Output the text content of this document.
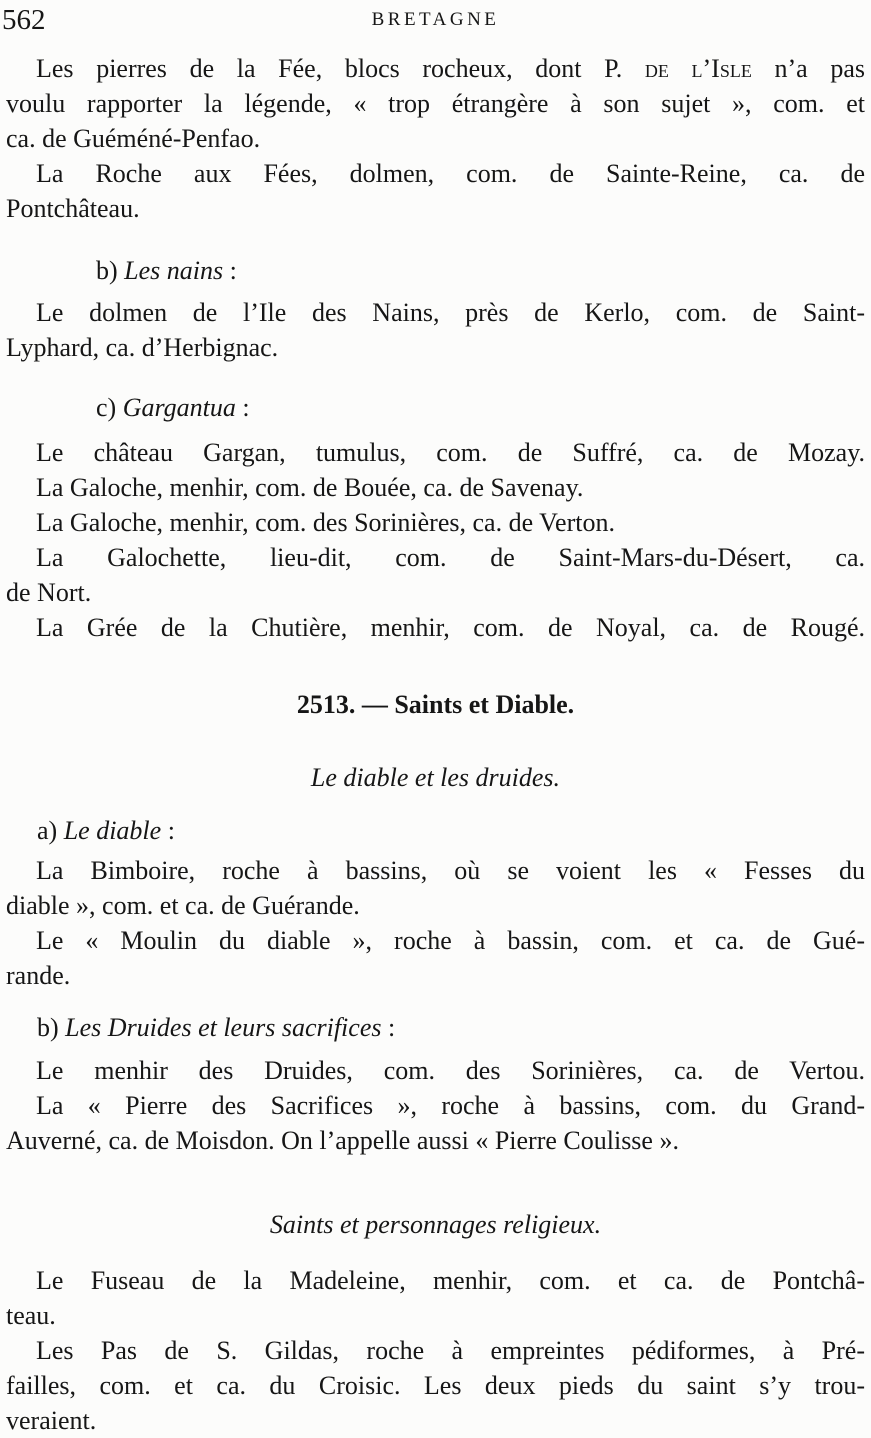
562	BRETAGNE
Les pierres de la Fée, blocs rocheux, dont P. de l’Isle n’a pas
voulu rapporter la légende, « trop étrangère à son sujet », com. et
ca. de Guéméné-Penfao.
La Roche aux Fées, dolmen, com. de Sainte-Reine, ca. de
Pontchâteau.
b) Les nains :
Le dolmen de l’Ile des Nains, près de Kerlo, com. de Saint-
Lyphard, ca. d’Herbignac.
c) Gargantua :
Le château Gargan, tumulus, com. de Suffré, ca. de Mozay.
La Galoche, menhir, com. de Bouée, ca. de Savenay.
La Galoche, menhir, com. des Sorinières, ca. de Verton.
La Galochette, lieu-dit, com. de Saint-Mars-du-Désert, ca.
de Nort.
La Grée de la Chutière, menhir, com. de Noyal, ca. de Rougé.
2513. — Saints et Diable.
Le diable et les druides.
a) Le diable :
La Bimboire, roche à bassins, où se voient les « Fesses du
diable », com. et ca. de Guérande.
Le « Moulin du diable », roche à bassin, com. et ca. de Gué-
rande.
b) Les Druides et leurs sacrifices :
Le menhir des Druides, com. des Sorinières, ca. de Vertou.
La « Pierre des Sacrifices », roche à bassins, com. du Grand-
Auverné, ca. de Moisdon. On l’appelle aussi « Pierre Coulisse ».
Saints et personnages religieux.
Le Fuseau de la Madeleine, menhir, com. et ca. de Pontchâ-
teau.
Les Pas de S. Gildas, roche à empreintes pédiformes, à Pré-
failles, com. et ca. du Croisic. Les deux pieds du saint s’y trou-
veraient.
